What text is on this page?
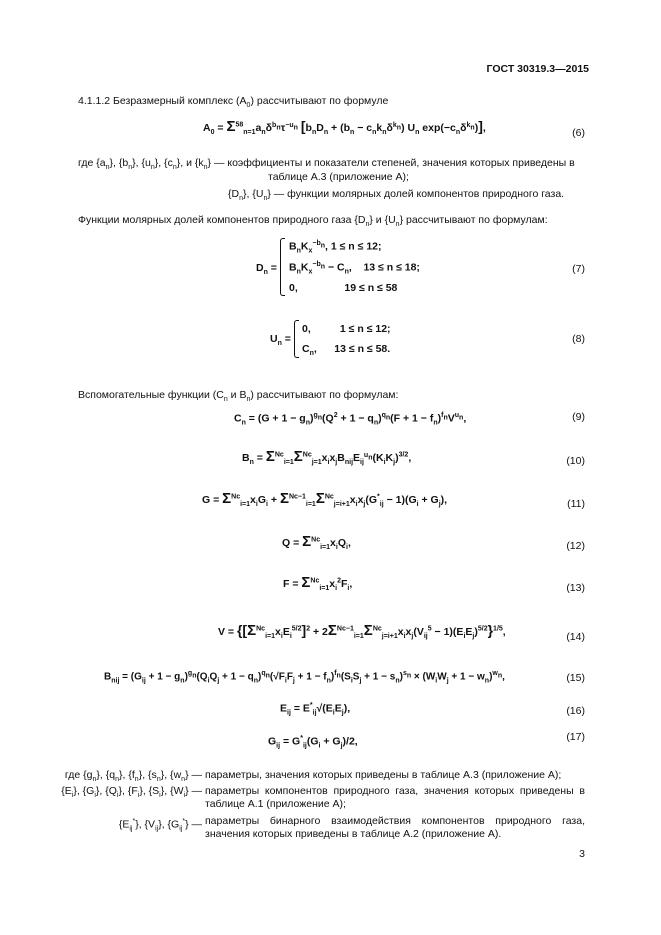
ГОСТ 30319.3—2015
4.1.1.2 Безразмерный комплекс $(A_0)$ рассчитывают по формуле
$A_0 = \Sigma^{58}_{n=1}a_n\delta^{b_n}\tau^{-u_n}$ [$b_nD_n + (b_n - c_nk_n\delta^{k_n})$ $U_n$ $\exp(-c_n\delta^{k_n})$],	(6)
где $\{a_n\}$, $\{b_n\}$, $\{u_n\}$, $\{c_n\}$, и $\{k_n\}$ — коэффициенты и показатели степеней, значения которых приведены в
таблице А.3 (приложение А);
$\{D_n\}$, $\{U_n\}$ — функции молярных долей компонентов природного газа.
Функции молярных долей компонентов природного газа $\{D_n\}$ и $\{U_n\}$ рассчитывают по формулам:
$D_n$ =
$B_nK_x^{-b_n}$, 1 ≤ n ≤ 12;
$B_nK_x^{-b_n} - C_n$,    13 ≤ n ≤ 18;
0,                19 ≤ n ≤ 58
(7)
$U_n$ =
0,          1 ≤ n ≤ 12;
$C_n$,      13 ≤ n ≤ 58.
(8)
Вспомогательные функции ($C_n$ и $B_n$) рассчитывают по формулам:
$C_n = (G + 1 - g_n)^{g_n}(Q^2 + 1 - q_n)^{q_n}(F + 1 - f_n)^{f_n}V^{u_n}$,	(9)
$B_n = \Sigma^{Nc}_{i=1}\Sigma^{Nc}_{j=1}x_ix_jB_{nij}E_{ij}^{u_n}(K_iK_j)^{3/2}$,	(10)
$G = \Sigma^{Nc}_{i=1}x_iG_i + \Sigma^{Nc-1}_{i=1}\Sigma^{Nc}_{j=i+1}x_ix_j(G^*_{ij} - 1)(G_i + G_j)$,	(11)
$Q = \Sigma^{Nc}_{i=1}x_iQ_i$,	(12)
$F = \Sigma^{Nc}_{i=1}x_i^2F_i$,	(13)
$V = \{[\Sigma^{Nc}_{i=1}x_iE_i^{5/2}]^2 + 2\Sigma^{Nc-1}_{i=1}\Sigma^{Nc}_{j=i+1}x_ix_j(V_{ij}^5 - 1)(E_iE_j)^{5/2}\}^{1/5}$,	(14)
$B_{nij} = (G_{ij} + 1 - g_n)^{g_n}(Q_iQ_j + 1 - q_n)^{q_n}(√F_iF_j + 1 - f_n)^{f_n}(S_iS_j + 1 - s_n)^{s_n} \times (W_iW_j + 1 - w_n)^{w_n}$,	(15)
$E_{ij} = E^*_{ij}√(E_iE_j)$,	(16)
$G_{ij} = G^*_{ij}(G_i + G_j)/2$,	(17)
где $\{g_n\}$, $\{q_n\}$, $\{f_n\}$, $\{s_n\}$, $\{w_n\}$ — параметры, значения которых приведены в таблице А.3 (приложение А);
$\{E_i\}$, $\{G_i\}$, $\{Q_i\}$, $\{F_i\}$, $\{S_i\}$, $\{W_i\}$ — параметры компонентов природного газа, значения которых приведены в таблице А.1 (приложение А);
$\{E_{ij}^*\}$, $\{V_{ij}\}$, $\{G_{ij}^*\}$ — параметры бинарного взаимодействия компонентов природного газа, значения которых приведены в таблице А.2 (приложение А).
3
